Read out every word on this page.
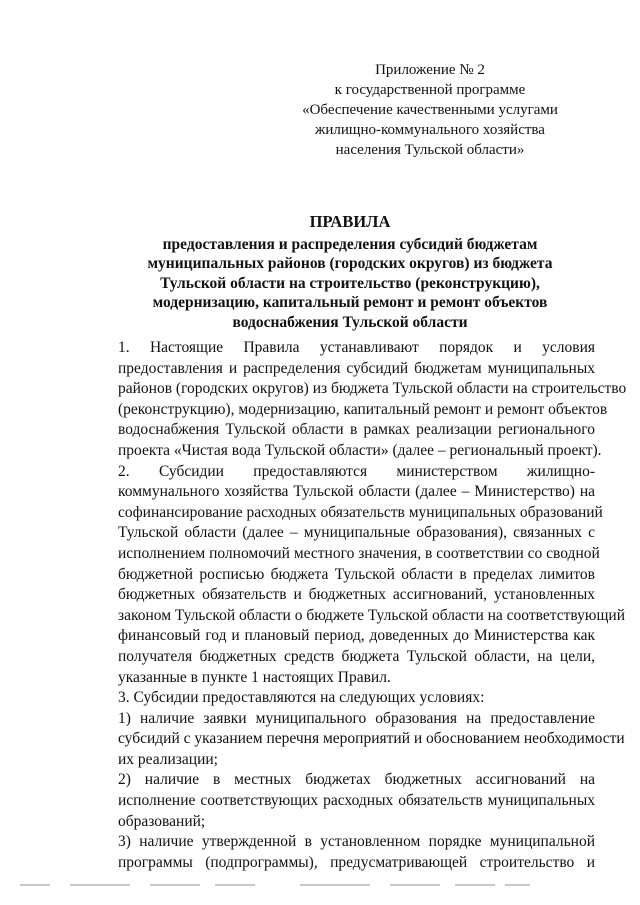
Приложение № 2
к государственной программе
«Обеспечение качественными услугами
жилищно-коммунального хозяйства
населения Тульской области»
ПРАВИЛА
предоставления и распределения субсидий бюджетам
муниципальных районов (городских округов) из бюджета
Тульской области на строительство (реконструкцию),
модернизацию, капитальный ремонт и ремонт объектов
водоснабжения Тульской области
1. Настоящие Правила устанавливают порядок и условия
предоставления и распределения субсидий бюджетам муниципальных
районов (городских округов) из бюджета Тульской области на строительство
(реконструкцию), модернизацию, капитальный ремонт и ремонт объектов
водоснабжения Тульской области в рамках реализации регионального
проекта «Чистая вода Тульской области» (далее – региональный проект).
2. Субсидии предоставляются министерством жилищно-
коммунального хозяйства Тульской области (далее – Министерство) на
софинансирование расходных обязательств муниципальных образований
Тульской области (далее – муниципальные образования), связанных с
исполнением полномочий местного значения, в соответствии со сводной
бюджетной росписью бюджета Тульской области в пределах лимитов
бюджетных обязательств и бюджетных ассигнований, установленных
законом Тульской области о бюджете Тульской области на соответствующий
финансовый год и плановый период, доведенных до Министерства как
получателя бюджетных средств бюджета Тульской области, на цели,
указанные в пункте 1 настоящих Правил.
3. Субсидии предоставляются на следующих условиях:
1) наличие заявки муниципального образования на предоставление
субсидий с указанием перечня мероприятий и обоснованием необходимости
их реализации;
2) наличие в местных бюджетах бюджетных ассигнований на
исполнение соответствующих расходных обязательств муниципальных
образований;
3) наличие утвержденной в установленном порядке муниципальной
программы (подпрограммы), предусматривающей строительство и
